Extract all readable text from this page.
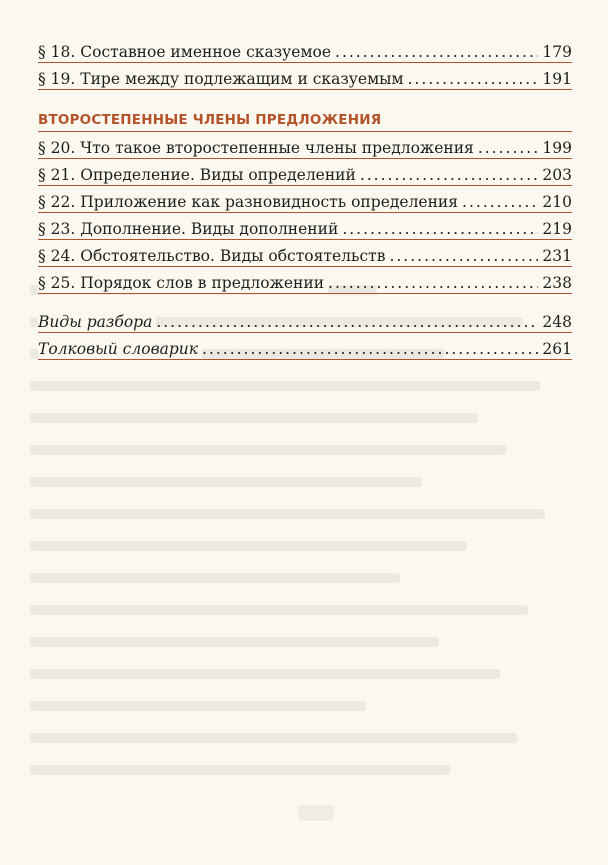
§ 18. Составное именное сказуемое .....	179
§ 19. Тире между подлежащим и сказуемым .....	191
ВТОРОСТЕПЕННЫЕ ЧЛЕНЫ ПРЕДЛОЖЕНИЯ
§ 20. Что такое второстепенные члены предложения .....	199
§ 21. Определение. Виды определений .....	203
§ 22. Приложение как разновидность определения .....	210
§ 23. Дополнение. Виды дополнений .....	219
§ 24. Обстоятельство. Виды обстоятельств .....	231
§ 25. Порядок слов в предложении .....	238
Виды разбора .....	248
Толковый словарик .....	261
